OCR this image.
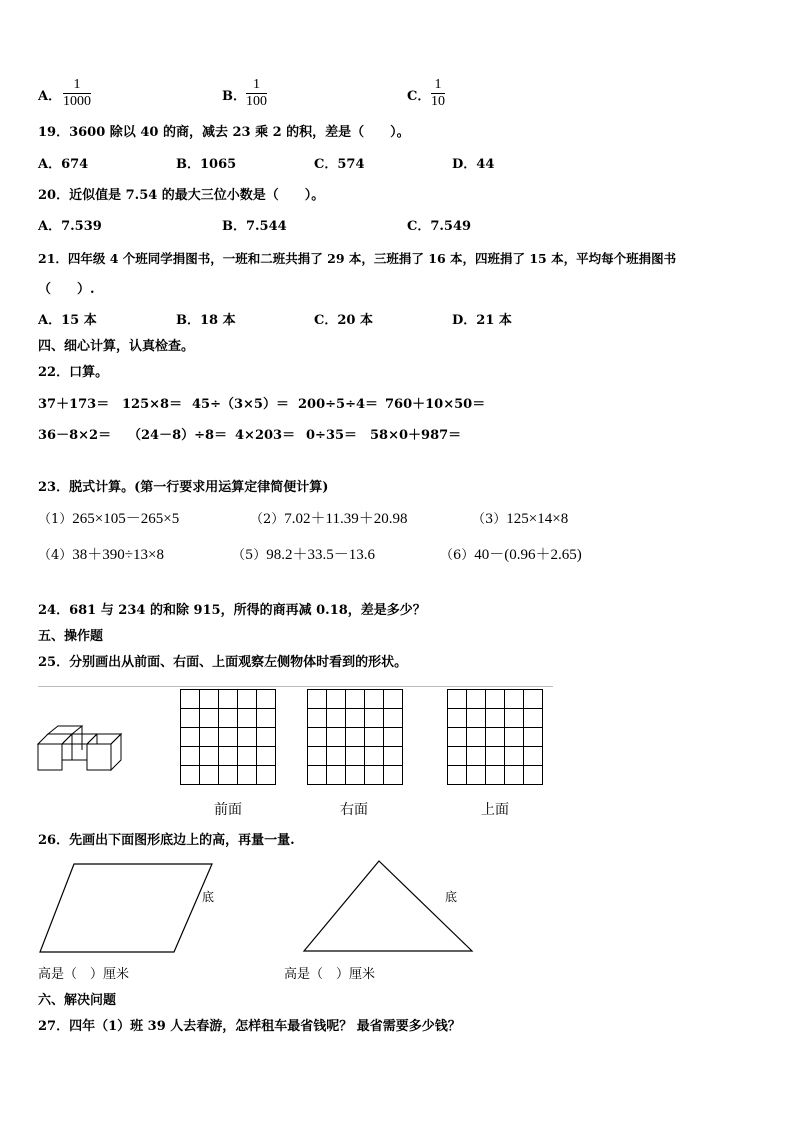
A．
1
1000	B．
1
100	C．
1
10
19．3600 除以 40 的商，减去 23 乘 2 的积，差是（　　）。
A．674	B．1065	C．574	D．44
20．近似值是 7.54 的最大三位小数是（　　）。
A．7.539	B．7.544	C．7.549
21．四年级 4 个班同学捐图书，一班和二班共捐了 29 本，三班捐了 16 本，四班捐了 15 本，平均每个班捐图书
（　　）.
A．15 本	B．18 本	C．20 本	D．21 本
四、细心计算，认真检查。
22．口算。
37＋173＝ 125×8＝ 45÷（3×5）＝ 200÷5÷4＝ 760＋10×50＝
36－8×2＝ （24－8）÷8＝ 4×203＝ 0÷35＝ 58×0＋987＝
23．脱式计算。(第一行要求用运算定律简便计算)
（1）265×105－265×5	（2）7.02＋11.39＋20.98	（3）125×14×8
（4）38＋390÷13×8	（5）98.2＋33.5－13.6	（6）40－(0.96＋2.65)
24．681 与 234 的和除 915，所得的商再减 0.18，差是多少？
五、操作题
25．分别画出从前面、右面、上面观察左侧物体时看到的形状。
前面	右面	上面
26．先画出下面图形底边上的高，再量一量.
底	底
高是（　）厘米	高是（　）厘米
六、解决问题
27．四年（1）班 39 人去春游，怎样租车最省钱呢？ 最省需要多少钱？
